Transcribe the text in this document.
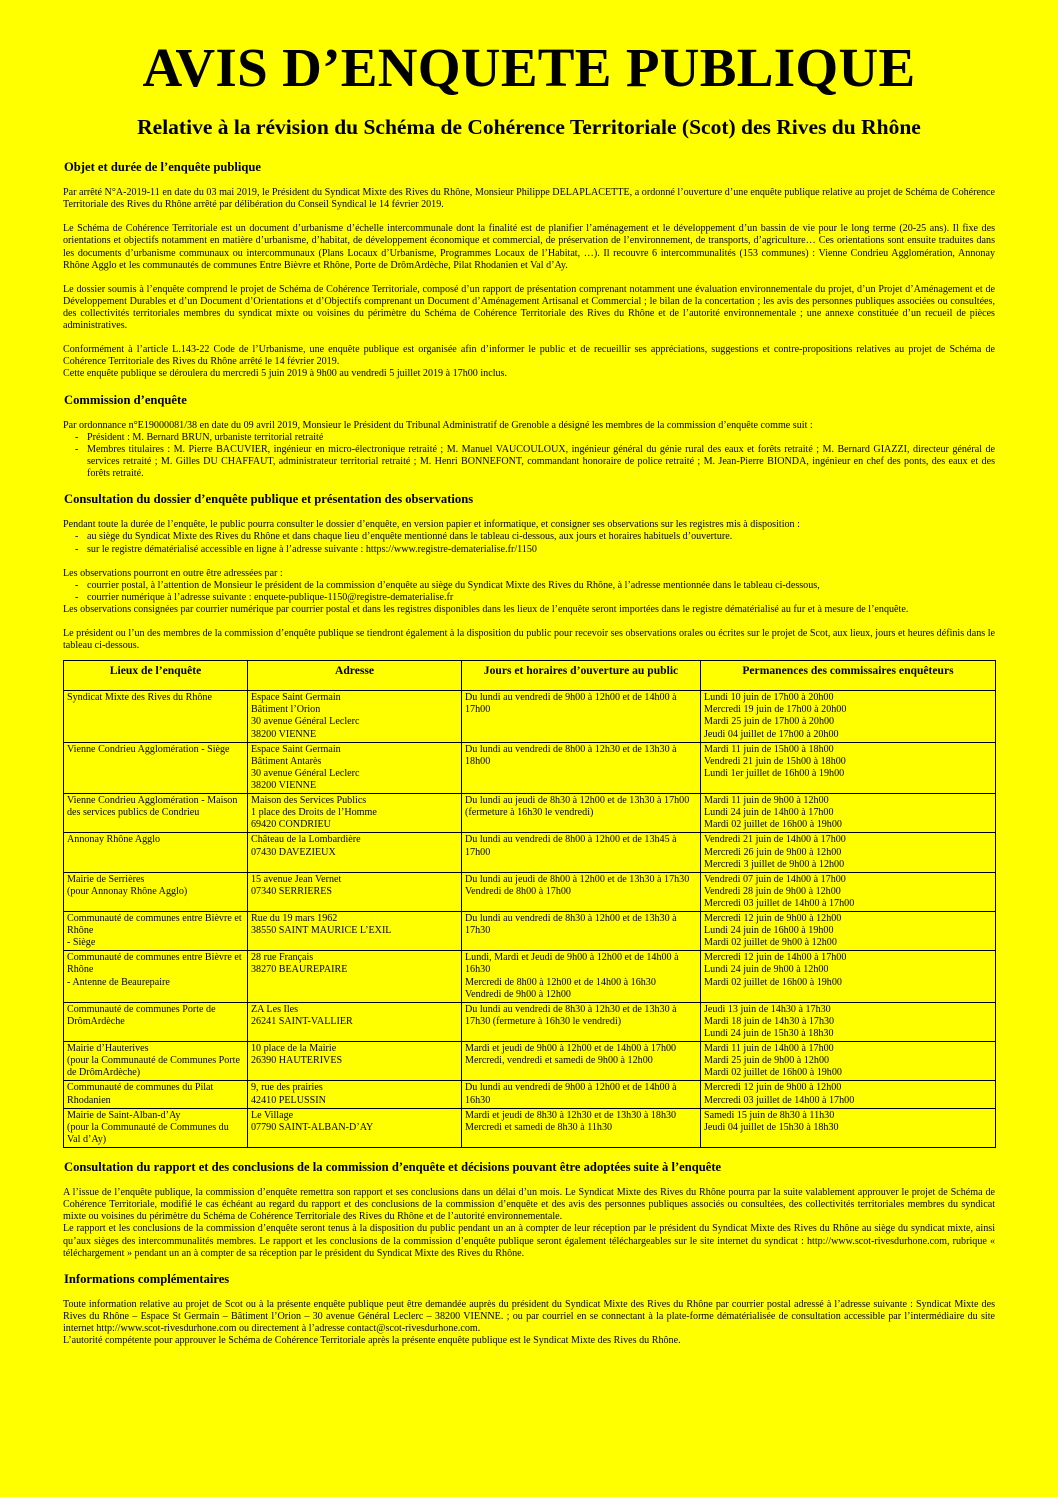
AVIS D’ENQUETE PUBLIQUE
Relative à la révision du Schéma de Cohérence Territoriale (Scot) des Rives du Rhône
Objet et durée de l’enquête publique

Par arrêté N°A-2019-11 en date du 03 mai 2019, le Président du Syndicat Mixte des Rives du Rhône, Monsieur Philippe DELAPLACETTE, a ordonné l’ouverture d’une enquête publique relative au projet de Schéma de Cohérence Territoriale des Rives du Rhône arrêté par délibération du Conseil Syndical le 14 février 2019.

Le Schéma de Cohérence Territoriale est un document d’urbanisme d’échelle intercommunale dont la finalité est de planifier l’aménagement et le développement d’un bassin de vie pour le long terme (20-25 ans). Il fixe des orientations et objectifs notamment en matière d’urbanisme, d’habitat, de développement économique et commercial, de préservation de l’environnement, de transports, d’agriculture… Ces orientations sont ensuite traduites dans les documents d’urbanisme communaux ou intercommunaux (Plans Locaux d’Urbanisme, Programmes Locaux de l’Habitat, …). Il recouvre 6 intercommunalités (153 communes) : Vienne Condrieu Agglomération, Annonay Rhône Agglo et les communautés de communes Entre Bièvre et Rhône, Porte de DrômArdèche, Pilat Rhodanien et Val d’Ay.

Le dossier soumis à l’enquête comprend le projet de Schéma de Cohérence Territoriale, composé d’un rapport de présentation comprenant notamment une évaluation environnementale du projet, d’un Projet d’Aménagement et de Développement Durables et d’un Document d’Orientations et d’Objectifs comprenant un Document d’Aménagement Artisanal et Commercial ; le bilan de la concertation ; les avis des personnes publiques associées ou consultées, des collectivités territoriales membres du syndicat mixte ou voisines du périmètre du Schéma de Cohérence Territoriale des Rives du Rhône et de l’autorité environnementale ; une annexe constituée d’un recueil de pièces administratives.

Conformément à l’article L.143-22 Code de l’Urbanisme, une enquête publique est organisée afin d’informer le public et de recueillir ses appréciations, suggestions et contre-propositions relatives au projet de Schéma de Cohérence Territoriale des Rives du Rhône arrêté le 14 février 2019.

Cette enquête publique se déroulera du mercredi 5 juin 2019 à 9h00 au vendredi 5 juillet 2019 à 17h00 inclus.

Commission d’enquête

Par ordonnance n°E19000081/38 en date du 09 avril 2019, Monsieur le Président du Tribunal Administratif de Grenoble a désigné les membres de la commission d’enquête comme suit :

- Président : M. Bernard BRUN, urbaniste territorial retraité
- Membres titulaires : M. Pierre BACUVIER, ingénieur en micro-électronique retraité ; M. Manuel VAUCOULOUX, ingénieur général du génie rural des eaux et forêts retraité ; M. Bernard GIAZZI, directeur général de services retraité ; M. Gilles DU CHAFFAUT, administrateur territorial retraité ; M. Henri BONNEFONT, commandant honoraire de police retraité ; M. Jean-Pierre BIONDA, ingénieur en chef des ponts, des eaux et des forêts retraité.
Consultation du dossier d’enquête publique et présentation des observations

Pendant toute la durée de l’enquête, le public pourra consulter le dossier d’enquête, en version papier et informatique, et consigner ses observations sur les registres mis à disposition :

- au siège du Syndicat Mixte des Rives du Rhône et dans chaque lieu d’enquête mentionné dans le tableau ci-dessous, aux jours et horaires habituels d’ouverture.
- sur le registre dématérialisé accessible en ligne à l’adresse suivante : https://www.registre-dematerialise.fr/1150

Les observations pourront en outre être adressées par :

- courrier postal, à l’attention de Monsieur le président de la commission d’enquête au siège du Syndicat Mixte des Rives du Rhône, à l’adresse mentionnée dans le tableau ci-dessous,
- courrier numérique à l’adresse suivante : enquete-publique-1150@registre-dematerialise.fr

Les observations consignées par courrier numérique par courrier postal et dans les registres disponibles dans les lieux de l’enquête seront importées dans le registre dématérialisé au fur et à mesure de l’enquête.

Le président ou l’un des membres de la commission d’enquête publique se tiendront également à la disposition du public pour recevoir ses observations orales ou écrites sur le projet de Scot, aux lieux, jours et heures définis dans le tableau ci-dessous.

Lieux de l’enquête	Adresse	Jours et horaires d’ouverture au public	Permanences des commissaires enquêteurs

Syndicat Mixte des Rives du Rhône	Espace Saint Germain
Bâtiment l’Orion
30 avenue Général Leclerc
38200 VIENNE	Du lundi au vendredi de 9h00 à 12h00 et de 14h00 à 17h00	Lundi 10 juin de 17h00 à 20h00
Mercredi 19 juin de 17h00 à 20h00
Mardi 25 juin de 17h00 à 20h00
Jeudi 04 juillet de 17h00 à 20h00

Vienne Condrieu Agglomération - Siège	Espace Saint Germain
Bâtiment Antarès
30 avenue Général Leclerc
38200 VIENNE	Du lundi au vendredi de 8h00 à 12h30 et de 13h30 à 18h00	Mardi 11 juin de 15h00 à 18h00
Vendredi 21 juin de 15h00 à 18h00
Lundi 1er juillet de 16h00 à 19h00

Vienne Condrieu Agglomération - Maison des services publics de Condrieu	Maison des Services Publics
1 place des Droits de l’Homme
69420 CONDRIEU	Du lundi au jeudi de 8h30 à 12h00 et de 13h30 à 17h00 (fermeture à 16h30 le vendredi)	Mardi 11 juin de 9h00 à 12h00
Lundi 24 juin de 14h00 à 17h00
Mardi 02 juillet de 16h00 à 19h00

Annonay Rhône Agglo	Château de la Lombardière
07430 DAVEZIEUX	Du lundi au vendredi de 8h00 à 12h00 et de 13h45 à 17h00	Vendredi 21 juin de 14h00 à 17h00
Mercredi 26 juin de 9h00 à 12h00
Mercredi 3 juillet de 9h00 à 12h00

Mairie de Serrières
(pour Annonay Rhône Agglo)	15 avenue Jean Vernet
07340 SERRIERES	Du lundi au jeudi de 8h00 à 12h00 et de 13h30 à 17h30
Vendredi de 8h00 à 17h00	Vendredi 07 juin de 14h00 à 17h00
Vendredi 28 juin de 9h00 à 12h00
Mercredi 03 juillet de 14h00 à 17h00

Communauté de communes entre Bièvre et Rhône
- Siège	Rue du 19 mars 1962
38550 SAINT MAURICE L’EXIL	Du lundi au vendredi de 8h30 à 12h00 et de 13h30 à 17h30	Mercredi 12 juin de 9h00 à 12h00
Lundi 24 juin de 16h00 à 19h00
Mardi 02 juillet de 9h00 à 12h00

Communauté de communes entre Bièvre et Rhône
- Antenne de Beaurepaire	28 rue Français
38270 BEAUREPAIRE	Lundi, Mardi et Jeudi de 9h00 à 12h00 et de 14h00 à 16h30
Mercredi de 8h00 à 12h00 et de 14h00 à 16h30
Vendredi de 9h00 à 12h00	Mercredi 12 juin de 14h00 à 17h00
Lundi 24 juin de 9h00 à 12h00
Mardi 02 juillet de 16h00 à 19h00

Communauté de communes Porte de DrômArdèche	ZA Les Iles
26241 SAINT-VALLIER	Du lundi au vendredi de 8h30 à 12h30 et de 13h30 à 17h30 (fermeture à 16h30 le vendredi)	Jeudi 13 juin de 14h30 à 17h30
Mardi 18 juin de 14h30 à 17h30
Lundi 24 juin de 15h30 à 18h30

Mairie d’Hauterives
(pour la Communauté de Communes Porte de DrômArdèche)	10 place de la Mairie
26390 HAUTERIVES	Mardi et jeudi de 9h00 à 12h00 et de 14h00 à 17h00
Mercredi, vendredi et samedi de 9h00 à 12h00	Mardi 11 juin de 14h00 à 17h00
Mardi 25 juin de 9h00 à 12h00
Mardi 02 juillet de 16h00 à 19h00

Communauté de communes du Pilat Rhodanien	9, rue des prairies
42410 PELUSSIN	Du lundi au vendredi de 9h00 à 12h00 et de 14h00 à 16h30	Mercredi 12 juin de 9h00 à 12h00
Mercredi 03 juillet de 14h00 à 17h00

Mairie de Saint-Alban-d’Ay
(pour la Communauté de Communes du Val d’Ay)	Le Village
07790 SAINT-ALBAN-D’AY	Mardi et jeudi de 8h30 à 12h30 et de 13h30 à 18h30
Mercredi et samedi de 8h30 à 11h30	Samedi 15 juin de 8h30 à 11h30
Jeudi 04 juillet de 15h30 à 18h30
Consultation du rapport et des conclusions de la commission d’enquête et décisions pouvant être adoptées suite à l’enquête

A l’issue de l’enquête publique, la commission d’enquête remettra son rapport et ses conclusions dans un délai d’un mois. Le Syndicat Mixte des Rives du Rhône pourra par la suite valablement approuver le projet de Schéma de Cohérence Territoriale, modifié le cas échéant au regard du rapport et des conclusions de la commission d’enquête et des avis des personnes publiques associés ou consultées, des collectivités territoriales membres du syndicat mixte ou voisines du périmètre du Schéma de Cohérence Territoriale des Rives du Rhône et de l’autorité environnementale.

Le rapport et les conclusions de la commission d’enquête seront tenus à la disposition du public pendant un an à compter de leur réception par le président du Syndicat Mixte des Rives du Rhône au siège du syndicat mixte, ainsi qu’aux sièges des intercommunalités membres. Le rapport et les conclusions de la commission d’enquête publique seront également téléchargeables sur le site internet du syndicat : http://www.scot-rivesdurhone.com, rubrique « téléchargement » pendant un an à compter de sa réception par le président du Syndicat Mixte des Rives du Rhône.

Informations complémentaires

Toute information relative au projet de Scot ou à la présente enquête publique peut être demandée auprès du président du Syndicat Mixte des Rives du Rhône par courrier postal adressé à l’adresse suivante : Syndicat Mixte des Rives du Rhône – Espace St Germain – Bâtiment l’Orion – 30 avenue Général Leclerc – 38200 VIENNE. ; ou par courriel en se connectant à la plate-forme dématérialisée de consultation accessible par l’intermédiaire du site internet http://www.scot-rivesdurhone.com ou directement à l’adresse contact@scot-rivesdurhone.com.

L’autorité compétente pour approuver le Schéma de Cohérence Territoriale après la présente enquête publique est le Syndicat Mixte des Rives du Rhône.
